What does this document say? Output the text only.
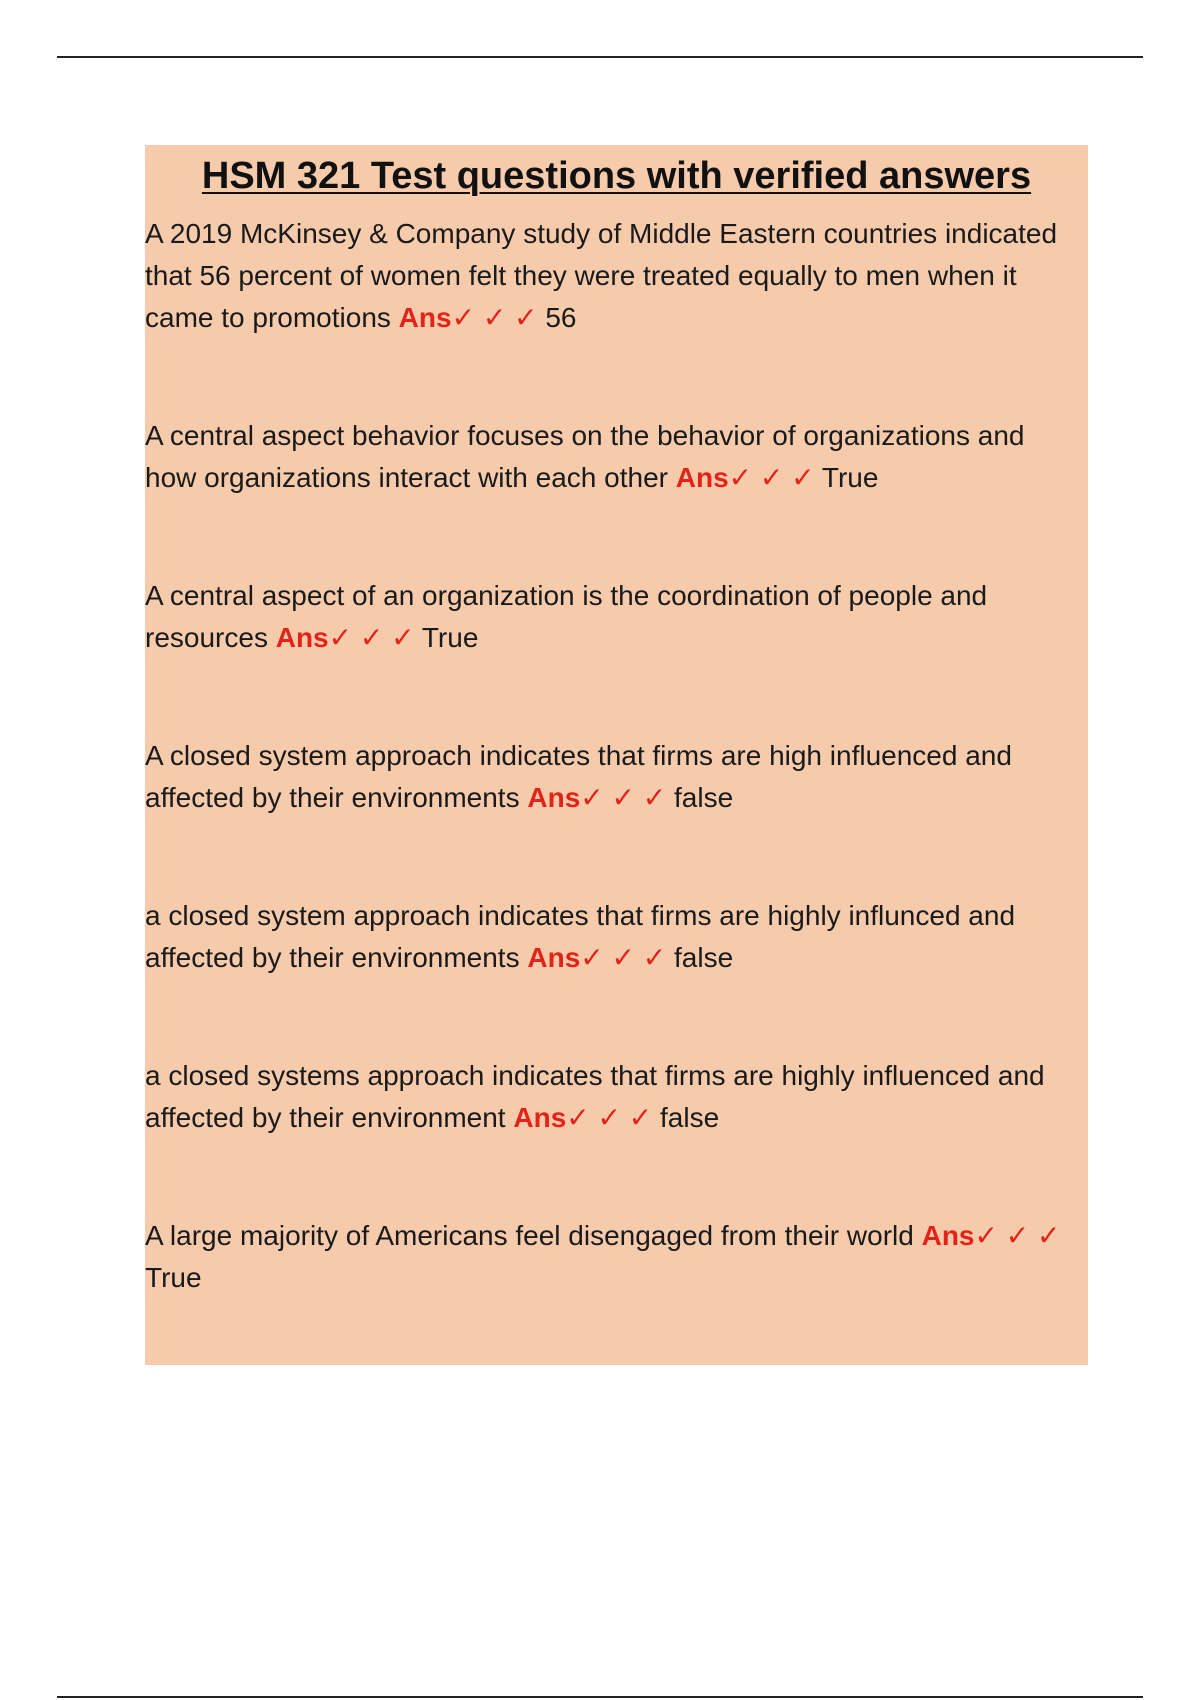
HSM 321 Test questions with verified answers

A 2019 McKinsey & Company study of Middle Eastern countries indicated that 56 percent of women felt they were treated equally to men when it came to promotions Ans✓ ✓ ✓ 56

A central aspect behavior focuses on the behavior of organizations and how organizations interact with each other Ans✓ ✓ ✓ True

A central aspect of an organization is the coordination of people and resources Ans✓ ✓ ✓ True

A closed system approach indicates that firms are high influenced and affected by their environments Ans✓ ✓ ✓ false

a closed system approach indicates that firms are highly influnced and affected by their environments Ans✓ ✓ ✓ false

a closed systems approach indicates that firms are highly influenced and affected by their environment Ans✓ ✓ ✓ false

A large majority of Americans feel disengaged from their world Ans✓ ✓ ✓ True
